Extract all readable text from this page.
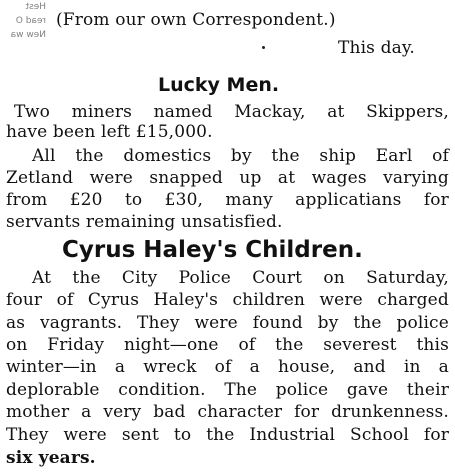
Hest
read O
New wa
(From our own Correspondent.)
This day.
Lucky Men.
Two miners named Mackay, at Skippers,
have been left £15,000.
All the domestics by the ship Earl of
Zetland were snapped up at wages varying
from £20 to £30, many applicatians for
servants remaining unsatisfied.
Cyrus Haley's Children.
At the City Police Court on Saturday,
four of Cyrus Haley's children were charged
as vagrants. They were found by the police
on Friday night—one of the severest this
winter—in a wreck of a house, and in a
deplorable condition. The police gave their
mother a very bad character for drunkenness.
They were sent to the Industrial School for
six years.
